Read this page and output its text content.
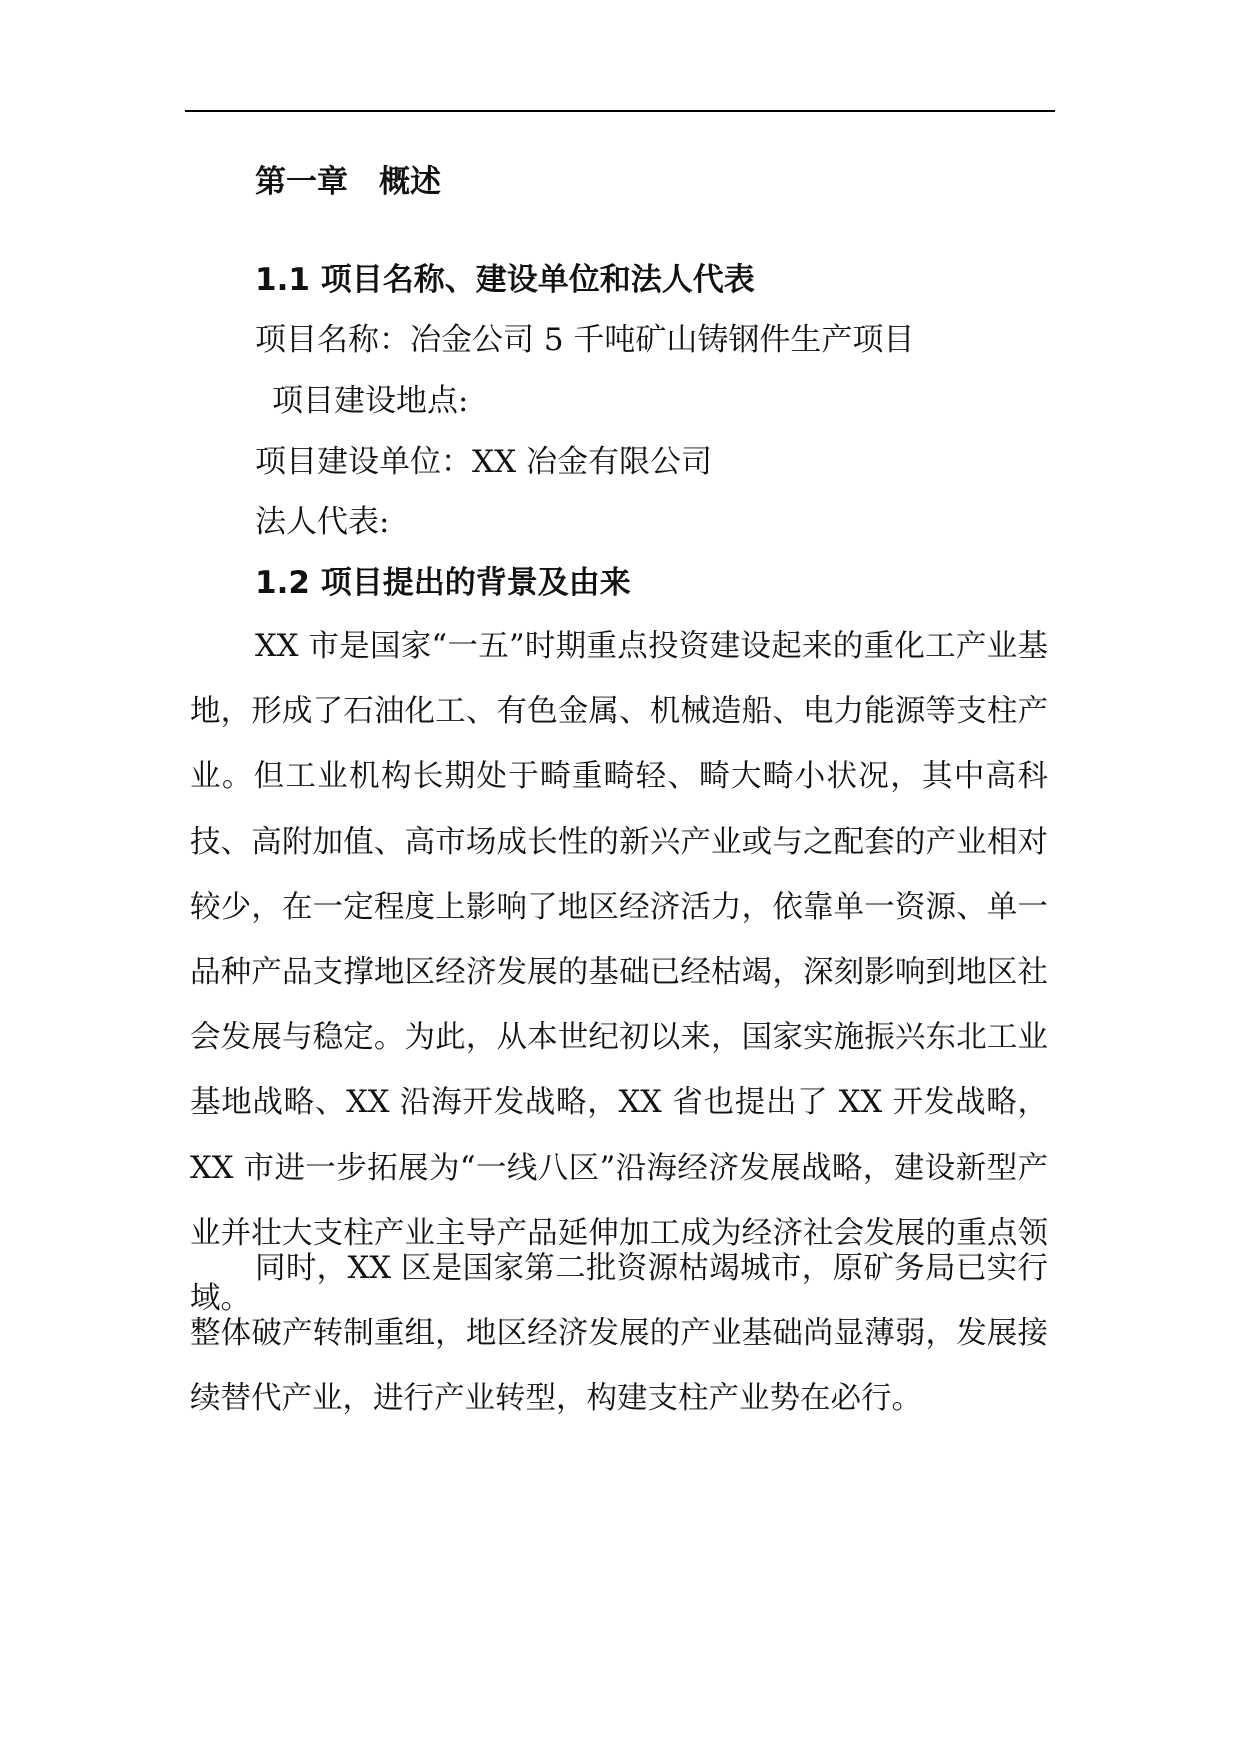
第一章　概述
1.1 项目名称、建设单位和法人代表
项目名称：冶金公司 5 千吨矿山铸钢件生产项目
项目建设地点:
项目建设单位：XX 冶金有限公司
法人代表:
1.2 项目提出的背景及由来

XX 市是国家“一五”时期重点投资建设起来的重化工产业基地，形成了石油化工、有色金属、机械造船、电力能源等支柱产业。但工业机构长期处于畸重畸轻、畸大畸小状况，其中高科技、高附加值、高市场成长性的新兴产业或与之配套的产业相对较少，在一定程度上影响了地区经济活力，依靠单一资源、单一品种产品支撑地区经济发展的基础已经枯竭，深刻影响到地区社会发展与稳定。为此，从本世纪初以来，国家实施振兴东北工业基地战略、XX 沿海开发战略，XX 省也提出了 XX 开发战略，XX 市进一步拓展为“一线八区”沿海经济发展战略，建设新型产业并壮大支柱产业主导产品延伸加工成为经济社会发展的重点领域。

同时，XX 区是国家第二批资源枯竭城市，原矿务局已实行整体破产转制重组，地区经济发展的产业基础尚显薄弱，发展接续替代产业，进行产业转型，构建支柱产业势在必行。
